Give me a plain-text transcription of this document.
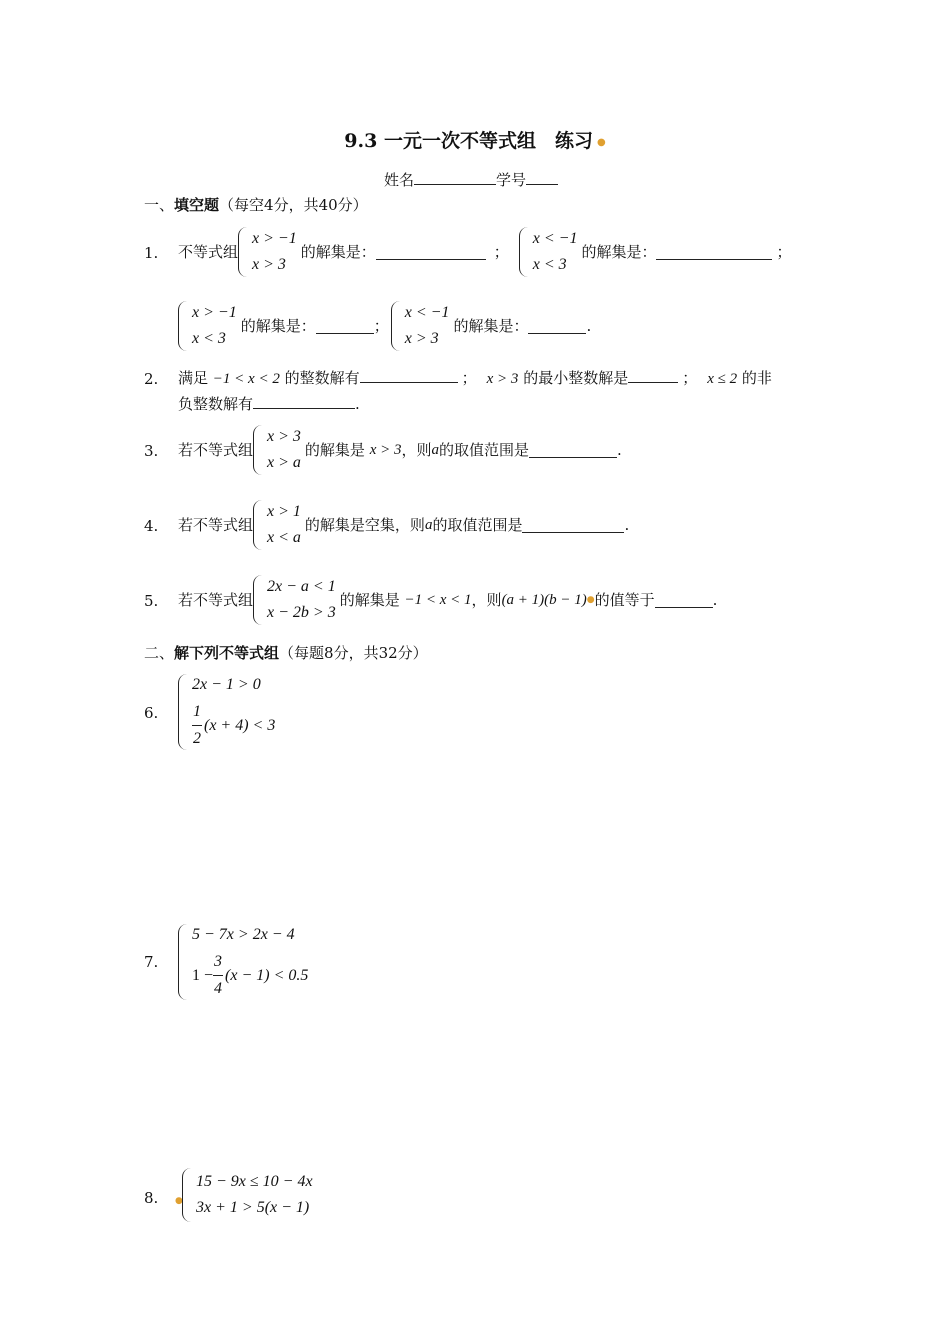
9.3 一元一次不等式组　练习 ●
姓名	学号
一、填空题（每空4分，共40分）
1. 不等式组
x > −1
x > 3
的解集是：	；
x < −1
x < 3
的解集是：	；
x > −1
x < 3
的解集是：	；
x < −1
x > 3
的解集是：	.
2. 满足 −1 < x < 2 的整数解有	； x > 3 的最小整数解是	； x ≤ 2 的非
负整数解有	.
3. 若不等式组
x > 3
x > a
的解集是
x > 3 ，则 a 的取值范围是	.
4. 若不等式组
x > 1
x < a
的解集是空集，则 a 的取值范围是	.
5. 若不等式组
2x − a < 1
x − 2b > 3
的解集是
−1 < x < 1 ，则 (a + 1)(b − 1) ● 的值等于	.
二、解下列不等式组（每题8分，共32分）
6.
2x − 1 > 0
$\frac{1}{2} (x + 4) < 3$
7.
5 − 7x > 2x − 4
$1 - \frac{3}{4} (x - 1) < 0.5$
8. ●
15 − 9x ≤ 10 − 4x
3x + 1 > 5(x − 1)
